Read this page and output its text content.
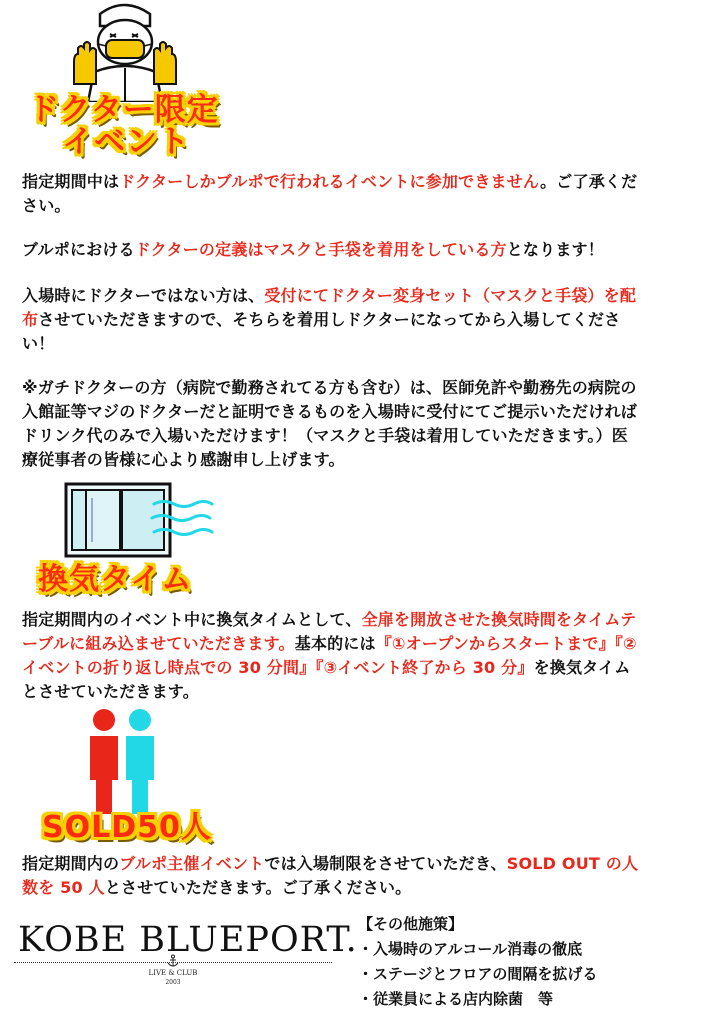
ドクター限定
イベント
指定期間中はドクターしかブルポで行われるイベントに参加できません。ご了承ください。
ブルポにおけるドクターの定義はマスクと手袋を着用をしている方となります！
入場時にドクターではない方は、受付にてドクター変身セット（マスクと手袋）を配布させていただきますので、そちらを着用しドクターになってから入場してください！
※ガチドクターの方（病院で勤務されてる方も含む）は、医師免許や勤務先の病院の入館証等マジのドクターだと証明できるものを入場時に受付にてご提示いただければドリンク代のみで入場いただけます！（マスクと手袋は着用していただきます。）医療従事者の皆様に心より感謝申し上げます。
換気タイム
指定期間内のイベント中に換気タイムとして、全扉を開放させた換気時間をタイムテーブルに組み込ませていただきます。基本的には『①オープンからスタートまで』『②イベントの折り返し時点での 30 分間』『③イベント終了から 30 分』を換気タイムとさせていただきます。
SOLD50人
指定期間内のブルポ主催イベントでは入場制限をさせていただき、SOLD OUT の人数を 50 人とさせていただきます。ご了承ください。
KOBE BLUEPORT.
LIVE & CLUB
2003
【その他施策】
・入場時のアルコール消毒の徹底
・ステージとフロアの間隔を拡げる
・従業員による店内除菌　等
